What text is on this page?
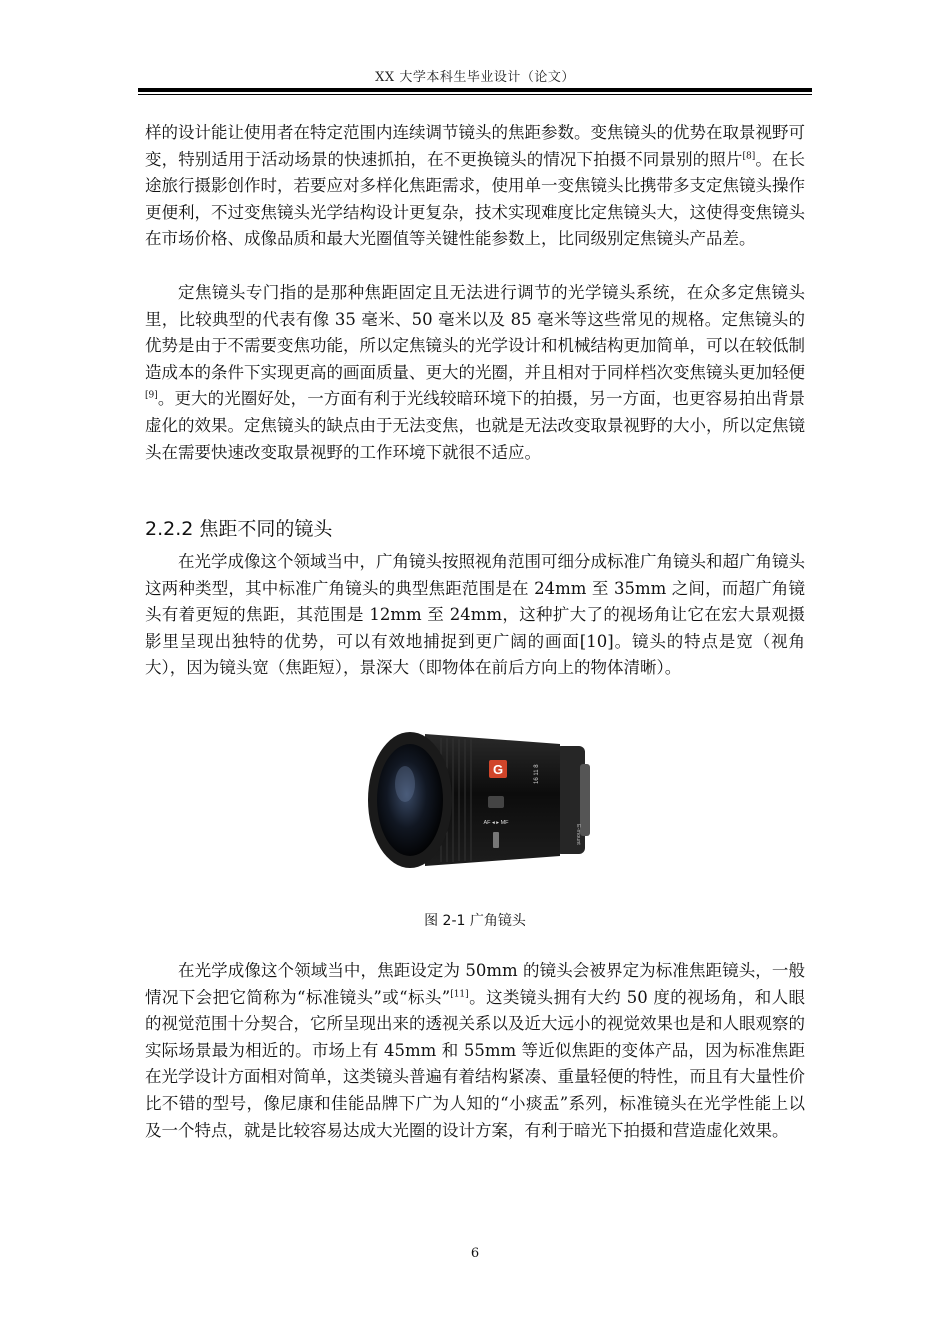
XX 大学本科生毕业设计（论文）

样的设计能让使用者在特定范围内连续调节镜头的焦距参数。变焦镜头的优势在取景视野可变，特别适用于活动场景的快速抓拍，在不更换镜头的情况下拍摄不同景别的照片[8]。在长途旅行摄影创作时，若要应对多样化焦距需求，使用单一变焦镜头比携带多支定焦镜头操作更便利，不过变焦镜头光学结构设计更复杂，技术实现难度比定焦镜头大，这使得变焦镜头在市场价格、成像品质和最大光圈值等关键性能参数上，比同级别定焦镜头产品差。

定焦镜头专门指的是那种焦距固定且无法进行调节的光学镜头系统，在众多定焦镜头里，比较典型的代表有像 35 毫米、50 毫米以及 85 毫米等这些常见的规格。定焦镜头的优势是由于不需要变焦功能，所以定焦镜头的光学设计和机械结构更加简单，可以在较低制造成本的条件下实现更高的画面质量、更大的光圈，并且相对于同样档次变焦镜头更加轻便[9]。更大的光圈好处，一方面有利于光线较暗环境下的拍摄，另一方面，也更容易拍出背景虚化的效果。定焦镜头的缺点由于无法变焦，也就是无法改变取景视野的大小，所以定焦镜头在需要快速改变取景视野的工作环境下就很不适应。

2.2.2 焦距不同的镜头

在光学成像这个领域当中，广角镜头按照视角范围可细分成标准广角镜头和超广角镜头这两种类型，其中标准广角镜头的典型焦距范围是在 24mm 至 35mm 之间，而超广角镜头有着更短的焦距，其范围是 12mm 至 24mm，这种扩大了的视场角让它在宏大景观摄影里呈现出独特的优势，可以有效地捕捉到更广阔的画面[10]。镜头的特点是宽（视角大），因为镜头宽（焦距短），景深大（即物体在前后方向上的物体清晰）。

G
AF ◂ ▸ MF
16 11 8
E-mount
图 2-1 广角镜头

在光学成像这个领域当中，焦距设定为 50mm 的镜头会被界定为标准焦距镜头，一般情况下会把它简称为“标准镜头”或“标头”[11]。这类镜头拥有大约 50 度的视场角，和人眼的视觉范围十分契合，它所呈现出来的透视关系以及近大远小的视觉效果也是和人眼观察的实际场景最为相近的。市场上有 45mm 和 55mm 等近似焦距的变体产品，因为标准焦距在光学设计方面相对简单，这类镜头普遍有着结构紧凑、重量轻便的特性，而且有大量性价比不错的型号，像尼康和佳能品牌下广为人知的“小痰盂”系列，标准镜头在光学性能上以及一个特点，就是比较容易达成大光圈的设计方案，有利于暗光下拍摄和营造虚化效果。

6
